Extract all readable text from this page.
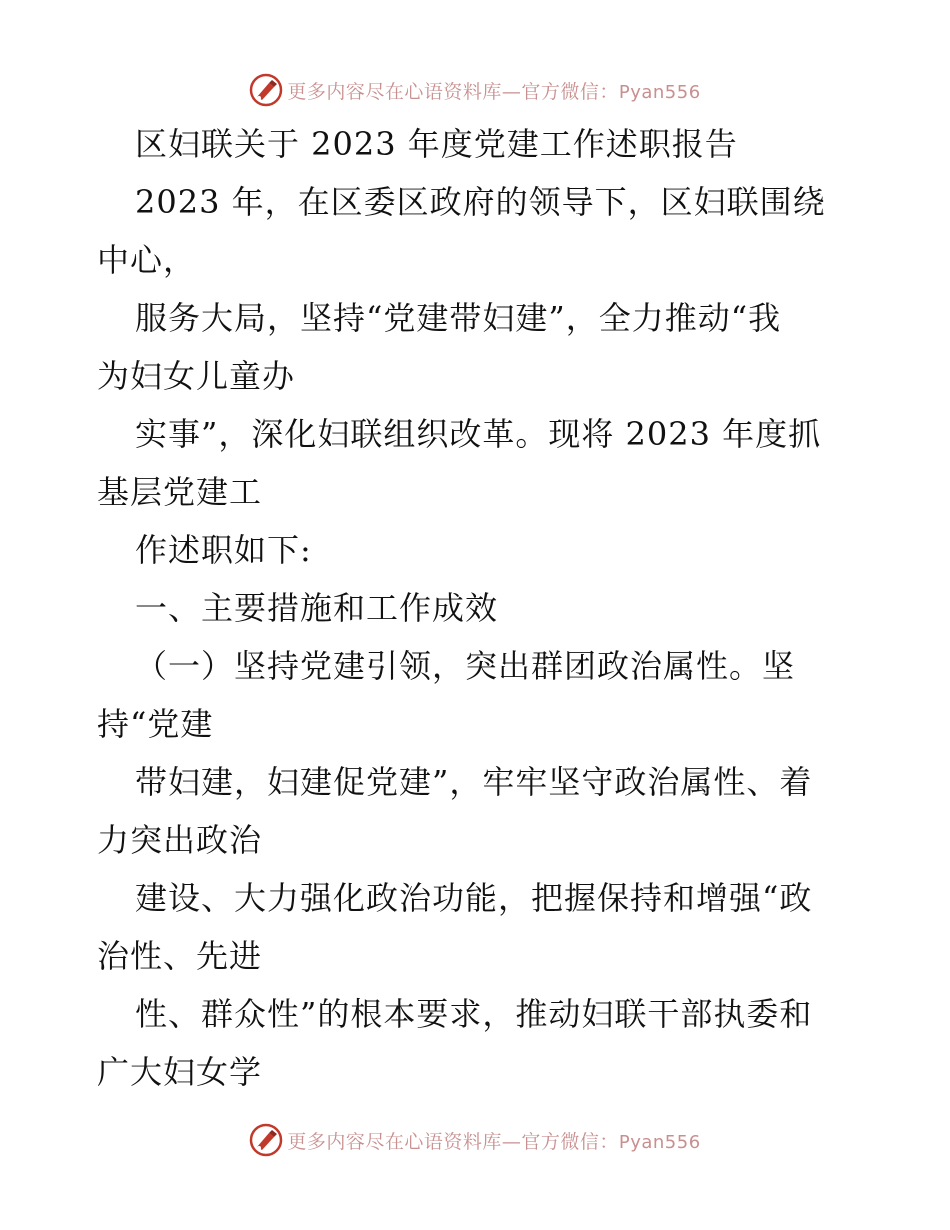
更多内容尽在心语资料库—官方微信：Pyan556
区妇联关于 2023 年度党建工作述职报告
2023 年，在区委区政府的领导下，区妇联围绕
中心，
服务大局，坚持“党建带妇建”，全力推动“我
为妇女儿童办
实事”，深化妇联组织改革。现将 2023 年度抓
基层党建工
作述职如下:
一、主要措施和工作成效
（一）坚持党建引领，突出群团政治属性。坚
持“党建
带妇建，妇建促党建”，牢牢坚守政治属性、着
力突出政治
建设、大力强化政治功能，把握保持和增强“政
治性、先进
性、群众性”的根本要求，推动妇联干部执委和
广大妇女学
更多内容尽在心语资料库—官方微信：Pyan556
